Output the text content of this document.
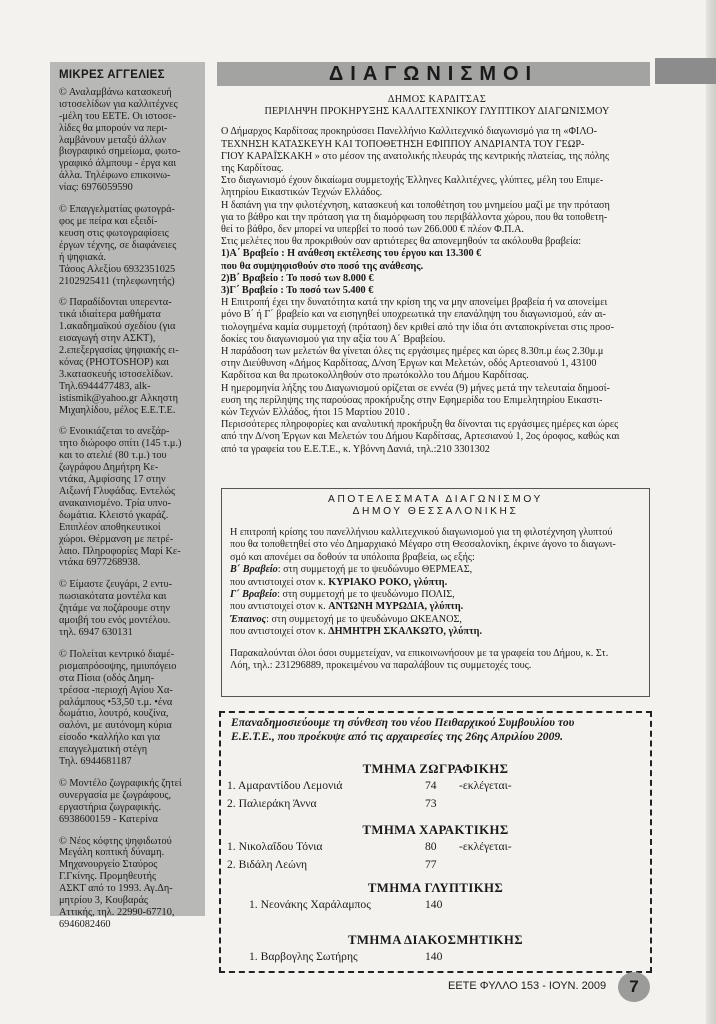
ΜΙΚΡΕΣ ΑΓΓΕΛΙΕΣ
© Αναλαμβάνω κατασκευή
ιστοσελίδων για καλλιτέχνες
-μέλη του ΕΕΤΕ. Οι ιστοσε-
λίδες θα μπορούν να περι-
λαμβάνουν μεταξύ άλλων
βιογραφικό σημείωμα, φωτο-
γραφικό άλμπουμ - έργα και
άλλα. Τηλέφωνο επικοινω-
νίας: 6976059590
© Επαγγελματίας φωτογρά-
φος με πείρα και εξειδί-
κευση στις φωτογραφίσεις
έργων τέχνης, σε διαφάνειες
ή ψηφιακά.
Τάσος Αλεξίου 6932351025
2102925411 (τηλεφωνητής)
© Παραδίδονται υπερεντα-
τικά ιδιαίτερα μαθήματα
1.ακαδημαϊκού σχεδίου (για
εισαγωγή στην ΑΣΚΤ),
2.επεξεργασίας ψηφιακής ει-
κόνας (PHOTOSHOP) και
3.κατασκευής ιστοσελίδων.
Τηλ.6944477483, alk-
istismik@yahoo.gr Αλκηστη
Μιχαηλίδου, μέλος Ε.Ε.Τ.Ε.
© Ενοικιάζεται το ανεξάρ-
τητο διώροφο σπίτι (145 τ.μ.)
και το ατελιέ (80 τ.μ.) του
ζωγράφου Δημήτρη Κε-
ντάκα, Αμφίσσης 17 στην
Αιξωνή Γλυφάδας. Εντελώς
ανακαινισμένο. Τρία υπνο-
δωμάτια. Κλειστό γκαράζ.
Επιπλέον αποθηκευτικοί
χώροι. Θέρμανση με πετρέ-
λαιο. Πληροφορίες Μαρί Κε-
ντάκα 6977268938.
© Είμαστε ζευγάρι, 2 εντυ-
πωσιακότατα μοντέλα και
ζητάμε να ποζάρουμε στην
αμοιβή του ενός μοντέλου.
τηλ. 6947 630131
© Πολείται κεντρικό διαμέ-
ρισμαπρόσοψης, ημιυπόγειο
στα Πίσια (οδός Δημη-
τρέσσα -περιοχή Αγίου Χα-
ραλάμπους •53,50 τ.μ. •ένα
δωμάτιο, λουτρό, κουζίνα,
σαλόνι, με αυτόνομη κύρια
είσοδο •καλλήλο και για
επαγγελματική στέγη
Τηλ. 6944681187
© Μοντέλο ζωγραφικής ζητεί
συνεργασία με ζωγράφους,
εργαστήρια ζωγραφικής.
6938600159 - Κατερίνα
© Νέος κόφτης ψηφιδωτού
Μεγάλη κοπτική δύναμη.
Μηχανουργείο Σταύρος
Γ.Γκίνης. Προμηθευτής
ΑΣΚΤ από το 1993. Αγ.Δη-
μητρίου 3, Κουβαράς
Αττικής, τηλ. 22990-67710,
6946082460
ΔΙΑΓΩΝΙΣΜΟΙ

ΔΗΜΟΣ ΚΑΡΔΙΤΣΑΣ

ΠΕΡΙΛΗΨΗ ΠΡΟΚΗΡΥΞΗΣ ΚΑΛΛΙΤΕΧΝΙΚΟΥ ΓΛΥΠΤΙΚΟΥ ΔΙΑΓΩΝΙΣΜΟΥ

Ο Δήμαρχος Καρδίτσας προκηρύσσει Πανελλήνιο Καλλιτεχνικό διαγωνισμό για τη «ΦΙΛΟ-
ΤΕΧΝΗΣΗ ΚΑΤΑΣΚΕΥΗ ΚΑΙ ΤΟΠΟΘΕΤΗΣΗ ΕΦΙΠΠΟΥ ΑΝΔΡΙΑΝΤΑ ΤΟΥ ΓΕΩΡ-
ΓΙΟΥ ΚΑΡΑΪΣΚΑΚΗ » στο μέσον της ανατολικής πλευράς της κεντρικής πλατείας, της πόλης
της Καρδίτσας.
Στο διαγωνισμό έχουν δικαίωμα συμμετοχής Έλληνες Καλλιτέχνες, γλύπτες, μέλη του Επιμε-
λητηρίου Εικαστικών Τεχνών Ελλάδος.
Η δαπάνη για την φιλοτέχνηση, κατασκευή και τοποθέτηση του μνημείου μαζί με την πρόταση
για το βάθρο και την πρόταση για τη διαμόρφωση του περιβάλλοντα χώρου, που θα τοποθετη-
θεί το βάθρο, δεν μπορεί να υπερβεί το ποσό των 266.000 € πλέον Φ.Π.Α.
Στις μελέτες που θα προκριθούν σαν αρτιότερες θα απονεμηθούν τα ακόλουθα βραβεία:
1)Α΄ Βραβείο : Η ανάθεση εκτέλεσης του έργου και 13.300 €
που θα συμψηφισθούν στο ποσό της ανάθεσης.
2)Β΄ Βραβείο : Το ποσό των 8.000 €
3)Γ΄ Βραβείο : Το ποσό των 5.400 €
Η Επιτροπή έχει την δυνατότητα κατά την κρίση της να μην απονείμει βραβεία ή να απονείμει
μόνο Β΄ ή Γ΄ βραβείο και να εισηγηθεί υποχρεωτικά την επανάληψη του διαγωνισμού, εάν αι-
τιολογημένα καμία συμμετοχή (πρόταση) δεν κριθεί από την ίδια ότι ανταποκρίνεται στις προσ-
δοκίες του διαγωνισμού για την αξία του Α΄ Βραβείου.
Η παράδοση των μελετών θα γίνεται όλες τις εργάσιμες ημέρες και ώρες 8.30π.μ έως 2.30μ.μ
στην Διεύθυνση «Δήμος Καρδίτσας, Δ/νση Έργων και Μελετών, οδός Αρτεσιανού 1, 43100
Καρδίτσα και θα πρωτοκολληθούν στο πρωτόκολλο του Δήμου Καρδίτσας.
Η ημερομηνία λήξης του Διαγωνισμού ορίζεται σε εννέα (9) μήνες μετά την τελευταία δημοσί-
ευση της περίληψης της παρούσας προκήρυξης στην Εφημερίδα του Επιμελητηρίου Εικαστι-
κών Τεχνών Ελλάδος, ήτοι 15 Μαρτίου 2010 .
Περισσότερες πληροφορίες και αναλυτική προκήρυξη θα δίνονται τις εργάσιμες ημέρες και ώρες
από την Δ/νση Έργων και Μελετών του Δήμου Καρδίτσας, Αρτεσιανού 1, 2ος όροφος, καθώς και
από τα γραφεία του Ε.Ε.Τ.Ε., κ. Υβόννη Δανιά, τηλ.:210 3301302
ΑΠΟΤΕΛΕΣΜΑΤΑ ΔΙΑΓΩΝΙΣΜΟΥ
ΔΗΜΟΥ ΘΕΣΣΑΛΟΝΙΚΗΣ
Η επιτροπή κρίσης του πανελλήνιου καλλιτεχνικού διαγωνισμού για τη φιλοτέχνηση γλυπτού
που θα τοποθετηθεί στο νέο Δημαρχιακό Μέγαρο στη Θεσσαλονίκη, έκρινε άγονο το διαγωνι-
σμό και απονέμει σα δοθούν τα υπόλοιπα βραβεία, ως εξής:
Β΄ Βραβείο: στη συμμετοχή με το ψευδώνυμο ΘΕΡΜΕΑΣ,
που αντιστοιχεί στον κ. ΚΥΡΙΑΚΟ ΡΟΚΟ, γλύπτη.
Γ΄ Βραβείο: στη συμμετοχή με το ψευδώνυμο ΠΟΛΙΣ,
που αντιστοιχεί στον κ. ΑΝΤΩΝΗ ΜΥΡΩΔΙΑ, γλύπτη.
Έπαινος: στη συμμετοχή με το ψευδώνυμο ΩΚΕΑΝΟΣ,
που αντιστοιχεί στον κ. ΔΗΜΗΤΡΗ ΣΚΑΛΚΩΤΟ, γλύπτη.
Παρακαλούνται όλοι όσοι συμμετείχαν, να επικοινωνήσουν με τα γραφεία του Δήμου, κ. Στ.
Λόη, τηλ.: 231296889, προκειμένου να παραλάβουν τις συμμετοχές τους.
Επαναδημοσιεύουμε τη σύνθεση του νέου Πειθαρχικού Συμβουλίου του
Ε.Ε.Τ.Ε., που προέκυψε από τις αρχαιρεσίες της 26ης Απριλίου 2009.
ΤΜΗΜΑ ΖΩΓΡΑΦΙΚΗΣ
1. Αμαραντίδου Λεμονιά	74 -εκλέγεται-
2. Παλιεράκη Άννα	73
ΤΜΗΜΑ ΧΑΡΑΚΤΙΚΗΣ
1. Νικολαΐδου Τόνια	80 -εκλέγεται-
2. Βιδάλη Λεώνη	77
ΤΜΗΜΑ ΓΛΥΠΤΙΚΗΣ
1. Νεονάκης Χαράλαμπος	140
ΤΜΗΜΑ ΔΙΑΚΟΣΜΗΤΙΚΗΣ
1. Βαρβογλης Σωτήρης	140
ΕΕΤΕ ΦΥΛΛΟ 153 - ΙΟΥΝ. 2009	7
